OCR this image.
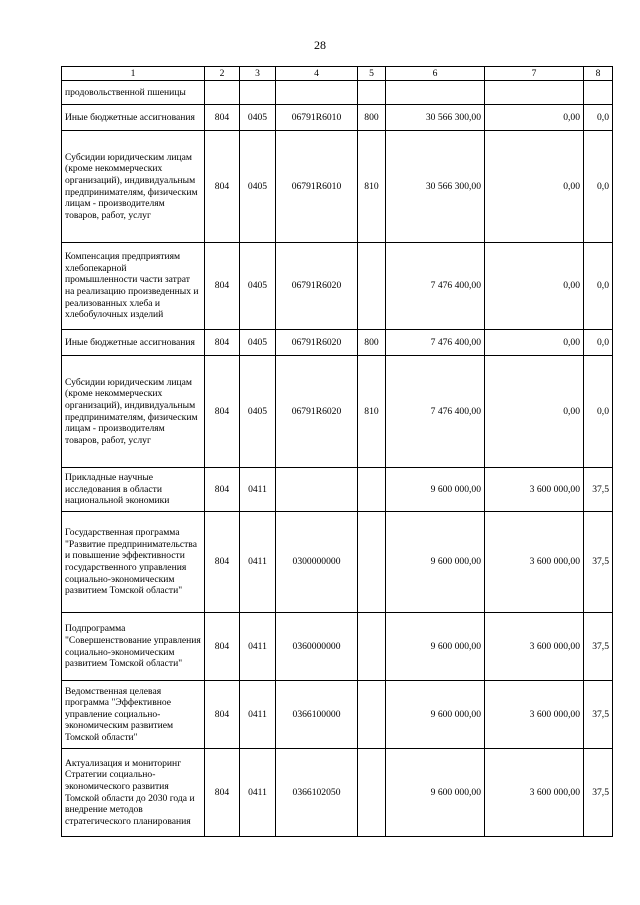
28
1	2	3	4	5	6	7	8
продовольственной пшеницы							
Иные бюджетные ассигнования	804	0405	06791R6010	800	30 566 300,00	0,00	0,0
Субсидии юридическим лицам (кроме некоммерческих организаций), индивидуальным предпринимателям, физическим лицам - производителям товаров, работ, услуг	804	0405	06791R6010	810	30 566 300,00	0,00	0,0
Компенсация предприятиям хлебопекарной промышленности части затрат на реализацию произведенных и реализованных хлеба и хлебобулочных изделий	804	0405	06791R6020		7 476 400,00	0,00	0,0
Иные бюджетные ассигнования	804	0405	06791R6020	800	7 476 400,00	0,00	0,0
Субсидии юридическим лицам (кроме некоммерческих организаций), индивидуальным предпринимателям, физическим лицам - производителям товаров, работ, услуг	804	0405	06791R6020	810	7 476 400,00	0,00	0,0
Прикладные научные исследования в области национальной экономики	804	0411			9 600 000,00	3 600 000,00	37,5
Государственная программа "Развитие предпринимательства и повышение эффективности государственного управления социально-экономическим развитием Томской области"	804	0411	0300000000		9 600 000,00	3 600 000,00	37,5
Подпрограмма "Совершенствование управления социально-экономическим развитием Томской области"	804	0411	0360000000		9 600 000,00	3 600 000,00	37,5
Ведомственная целевая программа "Эффективное управление социально-экономическим развитием Томской области"	804	0411	0366100000		9 600 000,00	3 600 000,00	37,5
Актуализация и мониторинг Стратегии социально-экономического развития Томской области до 2030 года и внедрение методов стратегического планирования	804	0411	0366102050		9 600 000,00	3 600 000,00	37,5
